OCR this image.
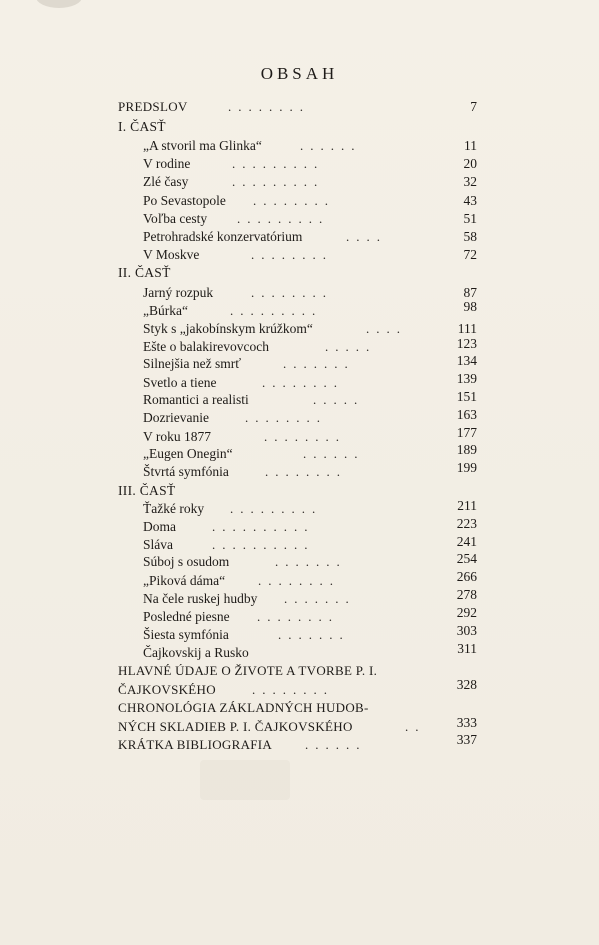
OBSAH
PREDSLOV	........	7
I. ČASŤ
„A stvoril ma Glinka“	......	11
V rodine	.........	20
Zlé časy	.........	32
Po Sevastopole ........	43
Voľba cesty .........	51
Petrohradské konzervatórium	....	58
V Moskve	........	72
II. ČASŤ
Jarný rozpuk	........	87
„Búrka“	.........	98
Styk s „jakobínskym krúžkom“	....	111
Ešte o balakirevovcoch	.....	123
Silnejšia než smrť	.......	134
Svetlo a tiene	........	139
Romantici a realisti	.....	151
Dozrievanie	........	163
V roku 1877	........	177
„Eugen Onegin“	......	189
Štvrtá symfónia	........	199
III. ČASŤ
Ťažké roky .........	211
Doma	..........	223
Sláva	..........	241
Súboj s osudom	.......	254
„Piková dáma“	........	266
Na čele ruskej hudby .......	278
Posledné piesne ........	292
Šiesta symfónia	.......	303
Čajkovskij a Rusko	311
HLAVNÉ ÚDAJE O ŽIVOTE A TVORBE P. I.
ČAJKOVSKÉHO	........	328
CHRONOLÓGIA ZÁKLADNÝCH HUDOB-
NÝCH SKLADIEB P. I. ČAJKOVSKÉHO	..	333
KRÁTKA BIBLIOGRAFIA	......	337
